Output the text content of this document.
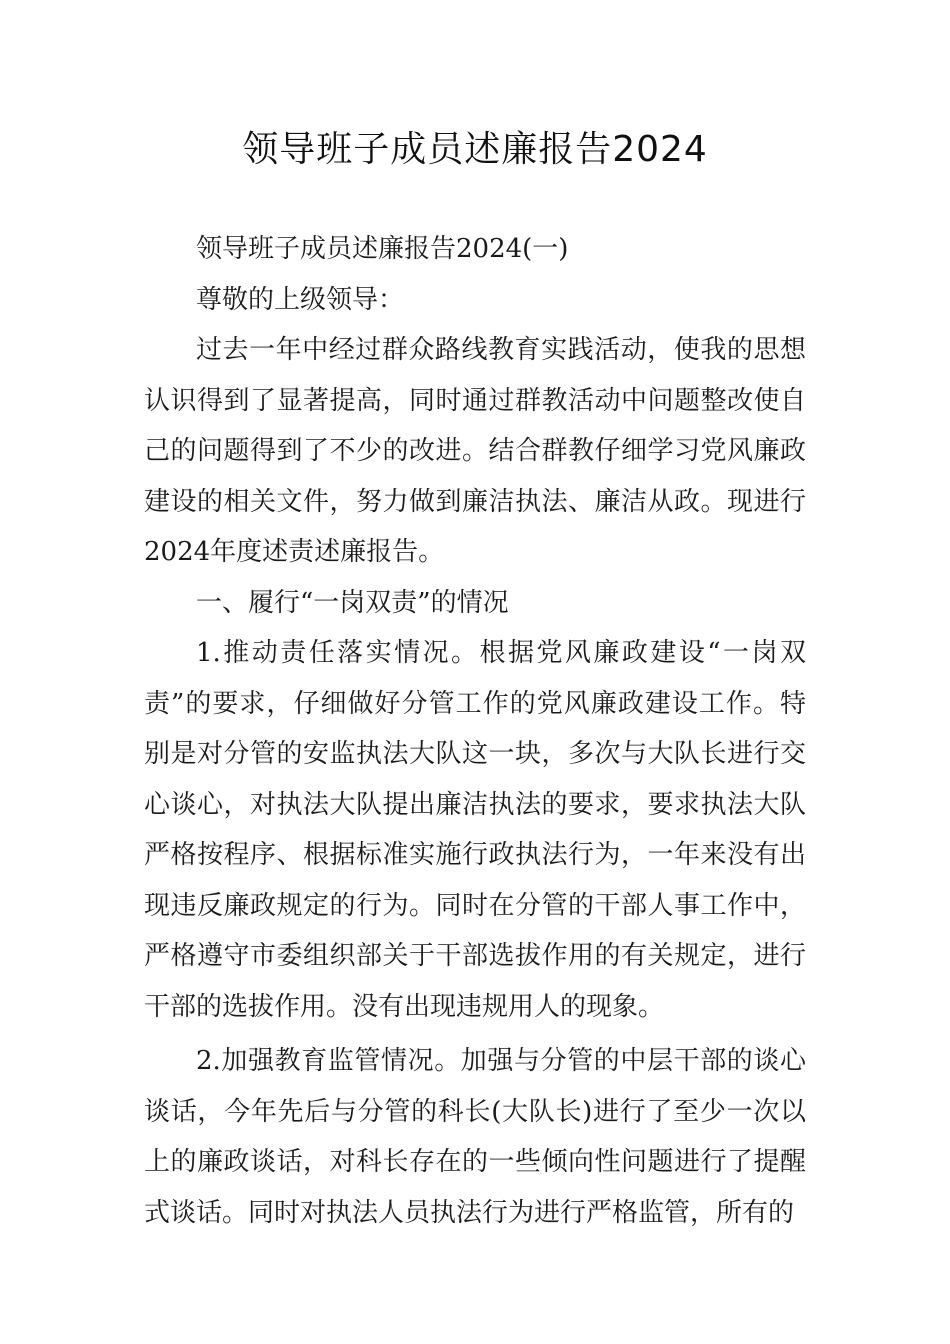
领导班子成员述廉报告2024

领导班子成员述廉报告2024(一)

尊敬的上级领导：

过去一年中经过群众路线教育实践活动，使我的思想认识得到了显著提高，同时通过群教活动中问题整改使自己的问题得到了不少的改进。结合群教仔细学习党风廉政建设的相关文件，努力做到廉洁执法、廉洁从政。现进行2024年度述责述廉报告。

一、履行“一岗双责”的情况

1.推动责任落实情况。根据党风廉政建设“一岗双责”的要求，仔细做好分管工作的党风廉政建设工作。特别是对分管的安监执法大队这一块，多次与大队长进行交心谈心，对执法大队提出廉洁执法的要求，要求执法大队严格按程序、根据标准实施行政执法行为，一年来没有出现违反廉政规定的行为。同时在分管的干部人事工作中，严格遵守市委组织部关于干部选拔作用的有关规定，进行干部的选拔作用。没有出现违规用人的现象。

2.加强教育监管情况。加强与分管的中层干部的谈心谈话，今年先后与分管的科长(大队长)进行了至少一次以上的廉政谈话，对科长存在的一些倾向性问题进行了提醒式谈话。同时对执法人员执法行为进行严格监管，所有的
